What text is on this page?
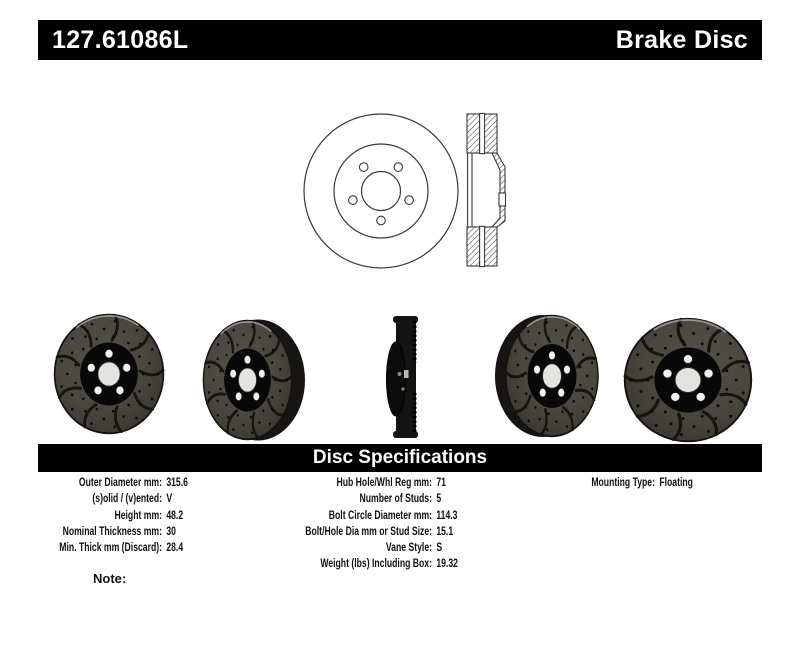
127.61086L	Brake Disc
Disc Specifications
Outer Diameter mm: 315.6
(s)olid / (v)ented: V
Height mm: 48.2
Nominal Thickness mm: 30
Min. Thick mm (Discard): 28.4
Hub Hole/Whl Reg mm: 71
Number of Studs: 5
Bolt Circle Diameter mm: 114.3
Bolt/Hole Dia mm or Stud Size: 15.1
Vane Style: S
Weight (lbs) Including Box: 19.32
Mounting Type: Floating
Note:
